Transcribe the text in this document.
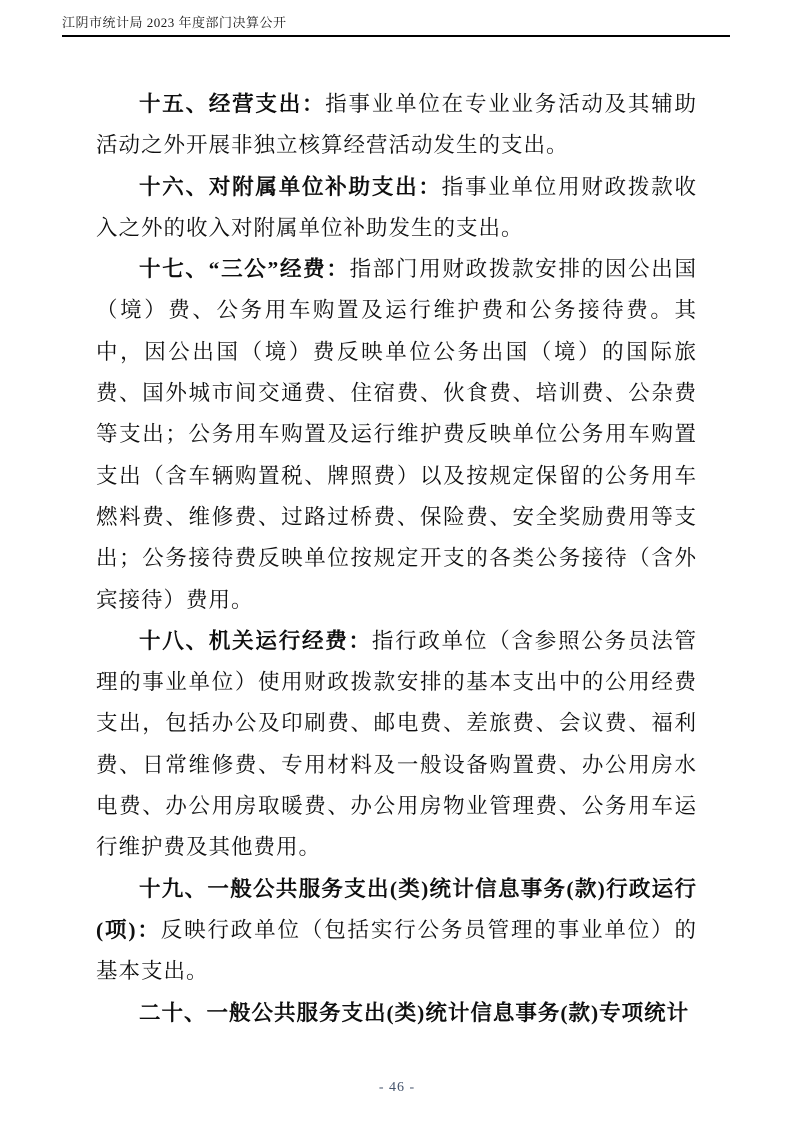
江阴市统计局 2023 年度部门决算公开

十五、经营支出：指事业单位在专业业务活动及其辅助活动之外开展非独立核算经营活动发生的支出。

十六、对附属单位补助支出：指事业单位用财政拨款收入之外的收入对附属单位补助发生的支出。

十七、“三公”经费：指部门用财政拨款安排的因公出国（境）费、公务用车购置及运行维护费和公务接待费。其中，因公出国（境）费反映单位公务出国（境）的国际旅费、国外城市间交通费、住宿费、伙食费、培训费、公杂费等支出；公务用车购置及运行维护费反映单位公务用车购置支出（含车辆购置税、牌照费）以及按规定保留的公务用车燃料费、维修费、过路过桥费、保险费、安全奖励费用等支出；公务接待费反映单位按规定开支的各类公务接待（含外宾接待）费用。

十八、机关运行经费：指行政单位（含参照公务员法管理的事业单位）使用财政拨款安排的基本支出中的公用经费支出，包括办公及印刷费、邮电费、差旅费、会议费、福利费、日常维修费、专用材料及一般设备购置费、办公用房水电费、办公用房取暖费、办公用房物业管理费、公务用车运行维护费及其他费用。

十九、一般公共服务支出(类)统计信息事务(款)行政运行(项)：反映行政单位（包括实行公务员管理的事业单位）的基本支出。

二十、一般公共服务支出(类)统计信息事务(款)专项统计

- 46 -
